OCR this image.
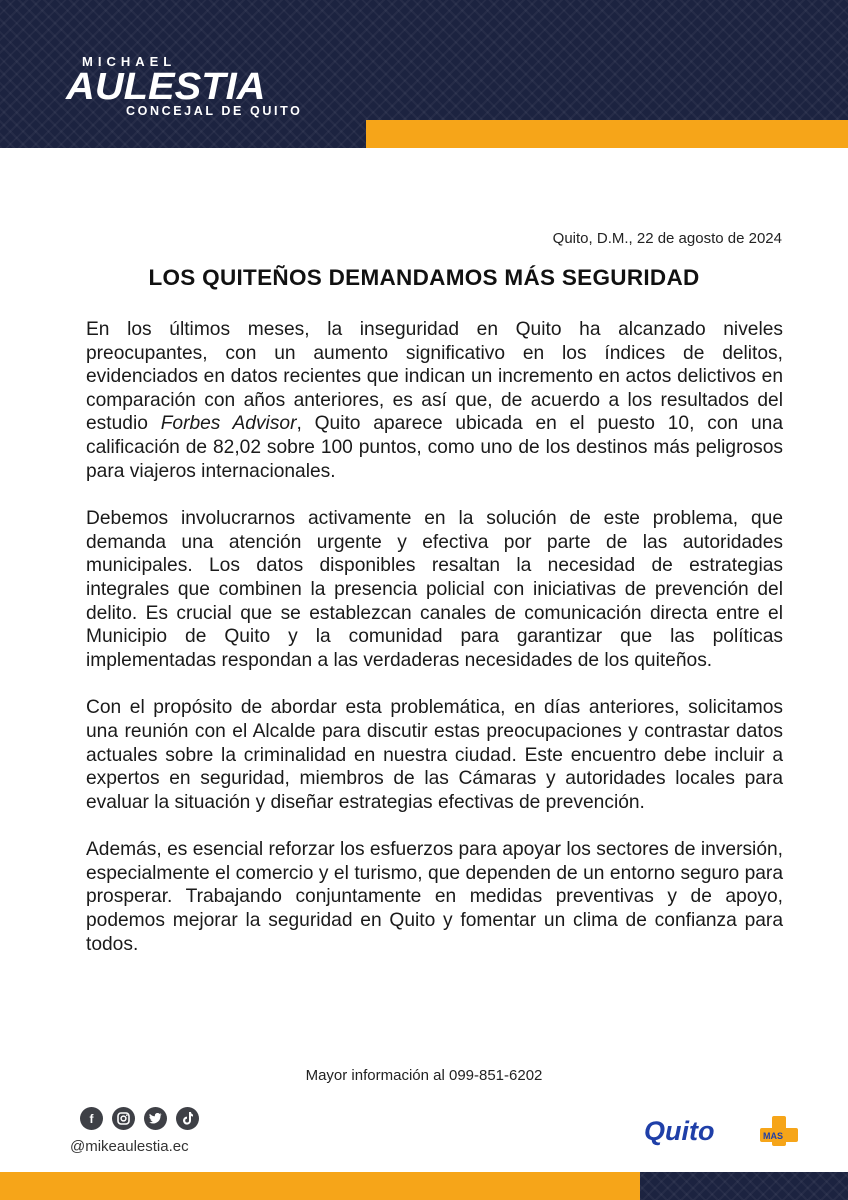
MICHAEL
AULESTIA
CONCEJAL DE QUITO
Quito, D.M., 22 de agosto de 2024
LOS QUITEÑOS DEMANDAMOS MÁS SEGURIDAD

En los últimos meses, la inseguridad en Quito ha alcanzado niveles preocupantes, con un aumento significativo en los índices de delitos, evidenciados en datos recientes que indican un incremento en actos delictivos en comparación con años anteriores, es así que, de acuerdo a los resultados del estudio Forbes Advisor, Quito aparece ubicada en el puesto 10, con una calificación de 82,02 sobre 100 puntos, como uno de los destinos más peligrosos para viajeros internacionales.

Debemos involucrarnos activamente en la solución de este problema, que demanda una atención urgente y efectiva por parte de las autoridades municipales. Los datos disponibles resaltan la necesidad de estrategias integrales que combinen la presencia policial con iniciativas de prevención del delito. Es crucial que se establezcan canales de comunicación directa entre el Municipio de Quito y la comunidad para garantizar que las políticas implementadas respondan a las verdaderas necesidades de los quiteños.

Con el propósito de abordar esta problemática, en días anteriores, solicitamos una reunión con el Alcalde para discutir estas preocupaciones y contrastar datos actuales sobre la criminalidad en nuestra ciudad. Este encuentro debe incluir a expertos en seguridad, miembros de las Cámaras y autoridades locales para evaluar la situación y diseñar estrategias efectivas de prevención.

Además, es esencial reforzar los esfuerzos para apoyar los sectores de inversión, especialmente el comercio y el turismo, que dependen de un entorno seguro para prosperar. Trabajando conjuntamente en medidas preventivas y de apoyo, podemos mejorar la seguridad en Quito y fomentar un clima de confianza para todos.

Mayor información al 099-851-6202
f
@mikeaulestia.ec
Quito	MAS
